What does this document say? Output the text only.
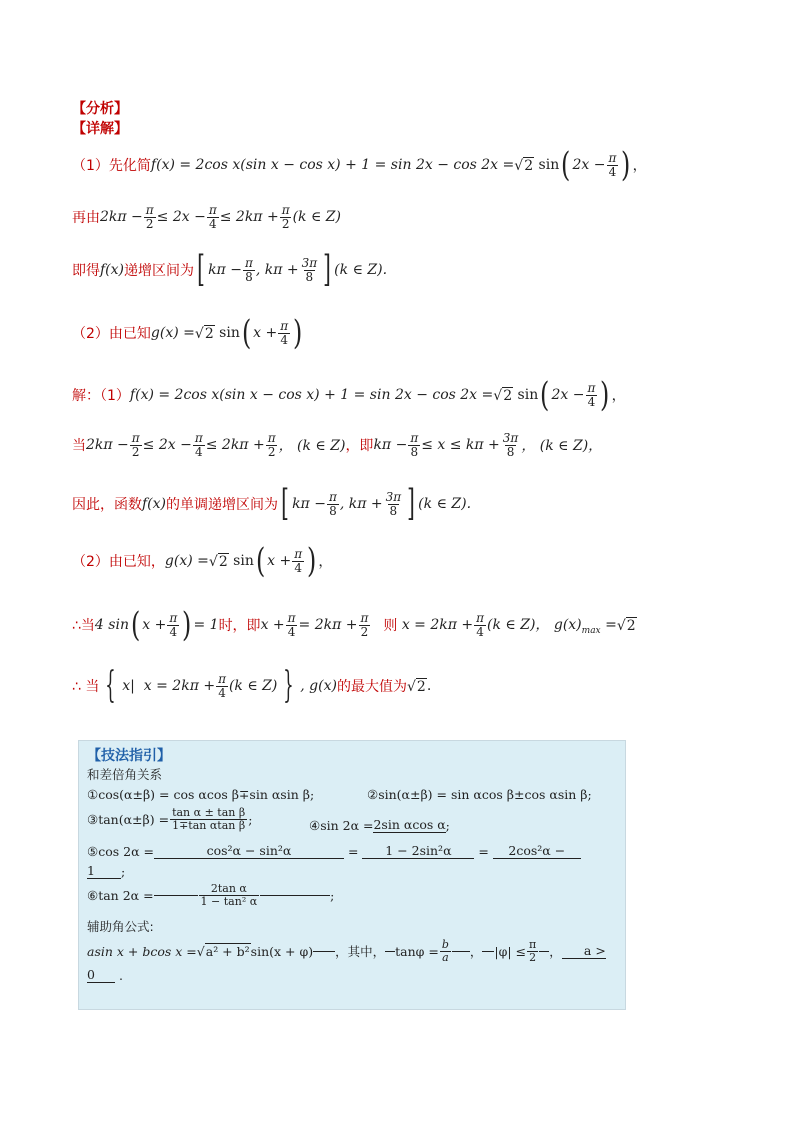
【分析】
【详解】
（1）先化简 f(x) = 2cos x(sin x − cos x) + 1 = sin 2x − cos 2x = √ 2 sin ( $2x - \frac{\pi}{4}$ ) ，
再由 $2k\pi - \frac{\pi}{2} \le 2x - \frac{\pi}{4} \le 2k\pi + \frac{\pi}{2} (k$ ∈ Z)
即得 f(x) 递增区间为 [ $k\pi - \frac{\pi}{8}$ , $k\pi + \frac{3\pi}{8}$ ] (k ∈ Z).
（2）由已知 g(x) = √ 2 sin ( $x + \frac{\pi}{4}$ )
解：（1） f(x) = 2cos x(sin x − cos x) + 1 = sin 2x − cos 2x = √ 2 sin ( $2x - \frac{\pi}{4}$ ) ，
当 $2k\pi - \frac{\pi}{2} \le 2x - \frac{\pi}{4} \le 2k\pi + \frac{\pi}{2}$ ， (k ∈ Z) ，即 $k\pi - \frac{\pi}{8} \le x \le k\pi + \frac{3\pi}{8}$ ， (k ∈ Z)，
因此，函数 f(x) 的单调递增区间为 [ $k\pi - \frac{\pi}{8}$ , $k\pi + \frac{3\pi}{8}$ ] (k ∈ Z).
（2）由已知， g(x) = √ 2 sin ( $x + \frac{\pi}{4}$ ) ，
∴当 4 sin ( $x + \frac{\pi}{4}$ ) = 1 时，即 $x + \frac{\pi}{4} = 2k\pi + \frac{\pi}{2}$ 则 $x = 2k\pi + \frac{\pi}{4} (k$ ∈ Z)， $g(x)_{max}$ = √ 2
∴ 当 { x|  $x = 2k\pi + \frac{\pi}{4} (k$ ∈ Z) } , g(x) 的最大值为 √ 2 .
【技法指引】
和差倍角关系
①cos(α±β) = cos αcos β∓sin αsin β;	②sin(α±β) = sin αcos β±cos αsin β;
③tan(α±β) = $\frac{\text{tan α ± tan β}}{\text{1∓tan αtan β}}$ ;	④sin 2α = 2sin αcos α ;
⑤cos 2α =	cos²α − sin²α	=	1 − 2sin²α	=	2cos²α −
1	;
⑥tan 2α =	$\frac{\text{2tan α}}{\text{1 − tan² α}}$	;
辅助角公式:
asin x + bcos x = √ a² + b² sin(x + φ) ，其中， $\tan\varphi = \frac{b}{a}$ ， $|\varphi| \le \frac{\pi}{2}$ ，	a >
0	.
